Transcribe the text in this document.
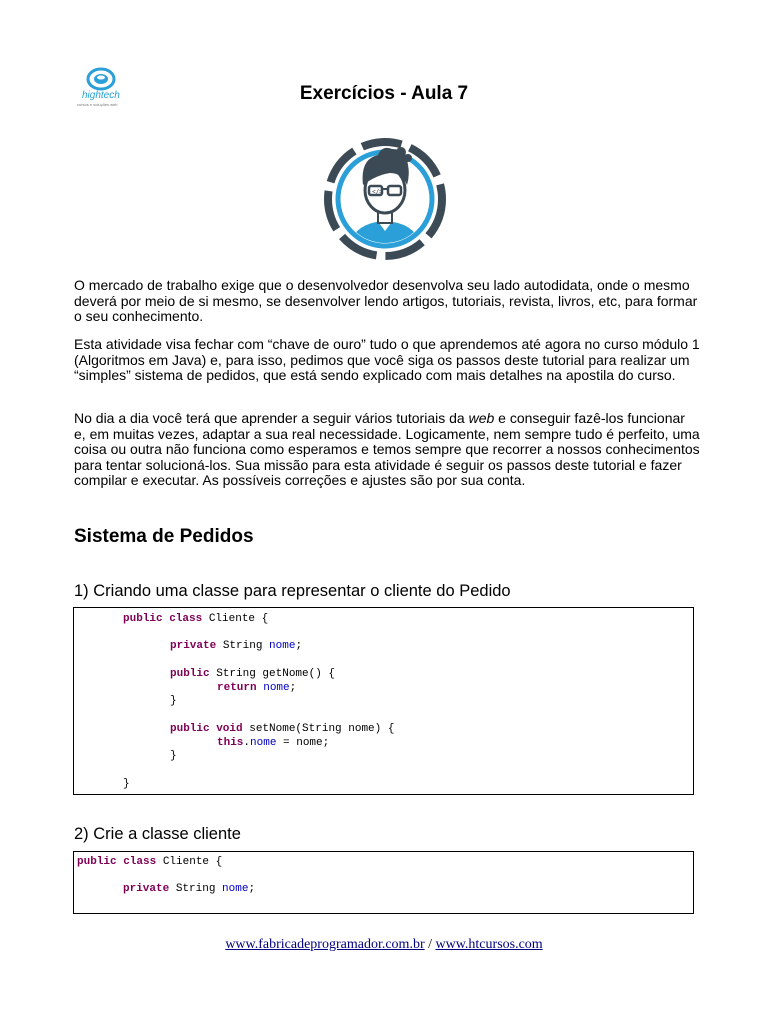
hightech
cursos e soluções web
Exercícios - Aula 7
</>

O mercado de trabalho exige que o desenvolvedor desenvolva seu lado autodidata, onde o mesmo deverá por meio de si mesmo, se desenvolver lendo artigos, tutoriais, revista, livros, etc, para formar o seu conhecimento.

Esta atividade visa fechar com “chave de ouro” tudo o que aprendemos até agora no curso módulo 1 (Algoritmos em Java) e, para isso, pedimos que você siga os passos deste tutorial para realizar um “simples” sistema de pedidos, que está sendo explicado com mais detalhes na apostila do curso.

No dia a dia você terá que aprender a seguir vários tutoriais da web e conseguir fazê-los funcionar e, em muitas vezes, adaptar a sua real necessidade. Logicamente, nem sempre tudo é perfeito, uma coisa ou outra não funciona como esperamos e temos sempre que recorrer a nossos conhecimentos para tentar solucioná-los. Sua missão para esta atividade é seguir os passos deste tutorial e fazer compilar e executar. As possíveis correções e ajustes são por sua conta.

Sistema de Pedidos

1) Criando uma classe para representar o cliente do Pedido

public class Cliente {
private String nome;
public String getNome() {
return nome;
}
public void setNome(String nome) {
this.nome = nome;
}
}

2) Crie a classe cliente

public class Cliente {
private String nome;
www.fabricadeprogramador.com.br / www.htcursos.com
